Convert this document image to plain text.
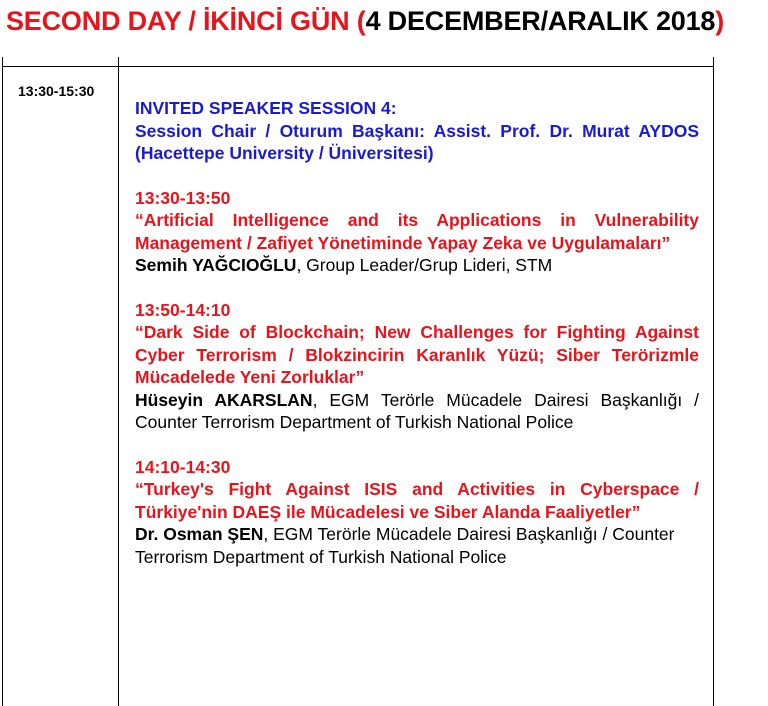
SECOND DAY / İKİNCİ GÜN (4 DECEMBER/ARALIK 2018)
13:30-15:30

INVITED SPEAKER SESSION 4:

Session Chair / Oturum Başkanı: Assist. Prof. Dr. Murat AYDOS (Hacettepe University / Üniversitesi)

13:30-13:50

“Artificial Intelligence and its Applications in Vulnerability Management / Zafiyet Yönetiminde Yapay Zeka ve Uygulamaları”

Semih YAĞCIOĞLU, Group Leader/Grup Lideri, STM

13:50-14:10

“Dark Side of Blockchain; New Challenges for Fighting Against Cyber Terrorism / Blokzincirin Karanlık Yüzü; Siber Terörizmle Mücadelede Yeni Zorluklar”

Hüseyin AKARSLAN, EGM Terörle Mücadele Dairesi Başkanlığı / Counter Terrorism Department of Turkish National Police

14:10-14:30

“Turkey's Fight Against ISIS and Activities in Cyberspace / Türkiye'nin DAEŞ ile Mücadelesi ve Siber Alanda Faaliyetler”

Dr. Osman ŞEN, EGM Terörle Mücadele Dairesi Başkanlığı / Counter Terrorism Department of Turkish National Police
